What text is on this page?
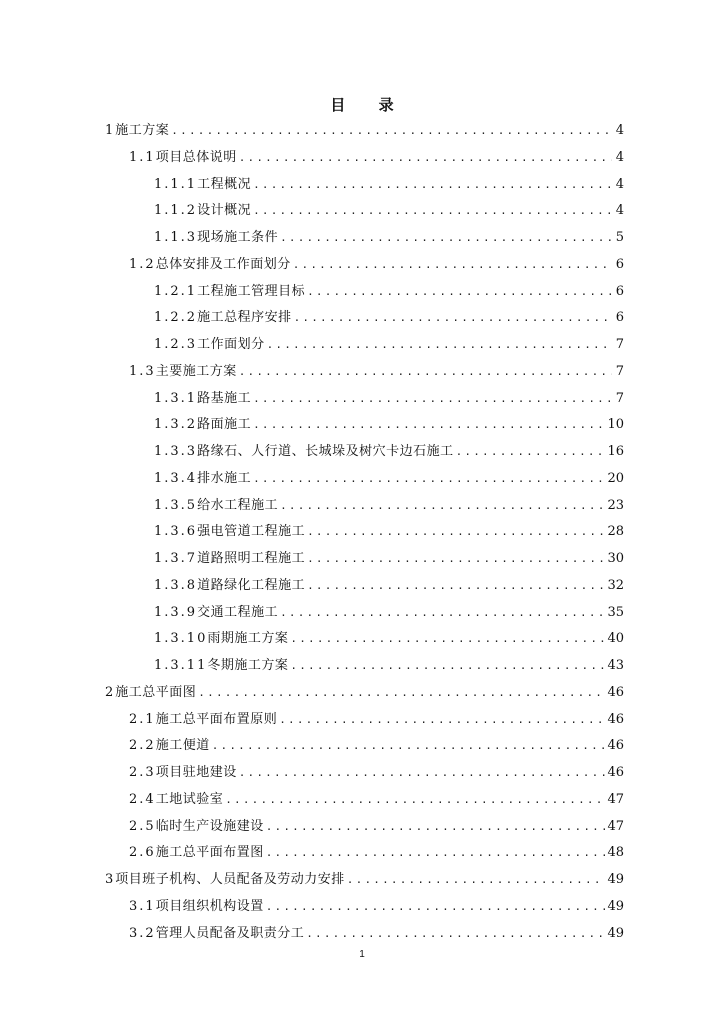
目 录
1 施工方案 .....	4
1.1 项目总体说明 .....	4
1.1.1 工程概况 .....	4
1.1.2 设计概况 .....	4
1.1.3 现场施工条件 .....	5
1.2 总体安排及工作面划分 .....	6
1.2.1 工程施工管理目标 .....	6
1.2.2 施工总程序安排 .....	6
1.2.3 工作面划分 .....	7
1.3 主要施工方案 .....	7
1.3.1 路基施工 .....	7
1.3.2 路面施工 .....	10
1.3.3 路缘石、人行道、长城垛及树穴卡边石施工 .....	16
1.3.4 排水施工 .....	20
1.3.5 给水工程施工 .....	23
1.3.6 强电管道工程施工 .....	28
1.3.7 道路照明工程施工 .....	30
1.3.8 道路绿化工程施工 .....	32
1.3.9 交通工程施工 .....	35
1.3.10 雨期施工方案 .....	40
1.3.11 冬期施工方案 .....	43
2 施工总平面图 .....	46
2.1 施工总平面布置原则 .....	46
2.2 施工便道 .....	46
2.3 项目驻地建设 .....	46
2.4 工地试验室 .....	47
2.5 临时生产设施建设 .....	47
2.6 施工总平面布置图 .....	48
3 项目班子机构、人员配备及劳动力安排 .....	49
3.1 项目组织机构设置 .....	49
3.2 管理人员配备及职责分工 .....	49
1
